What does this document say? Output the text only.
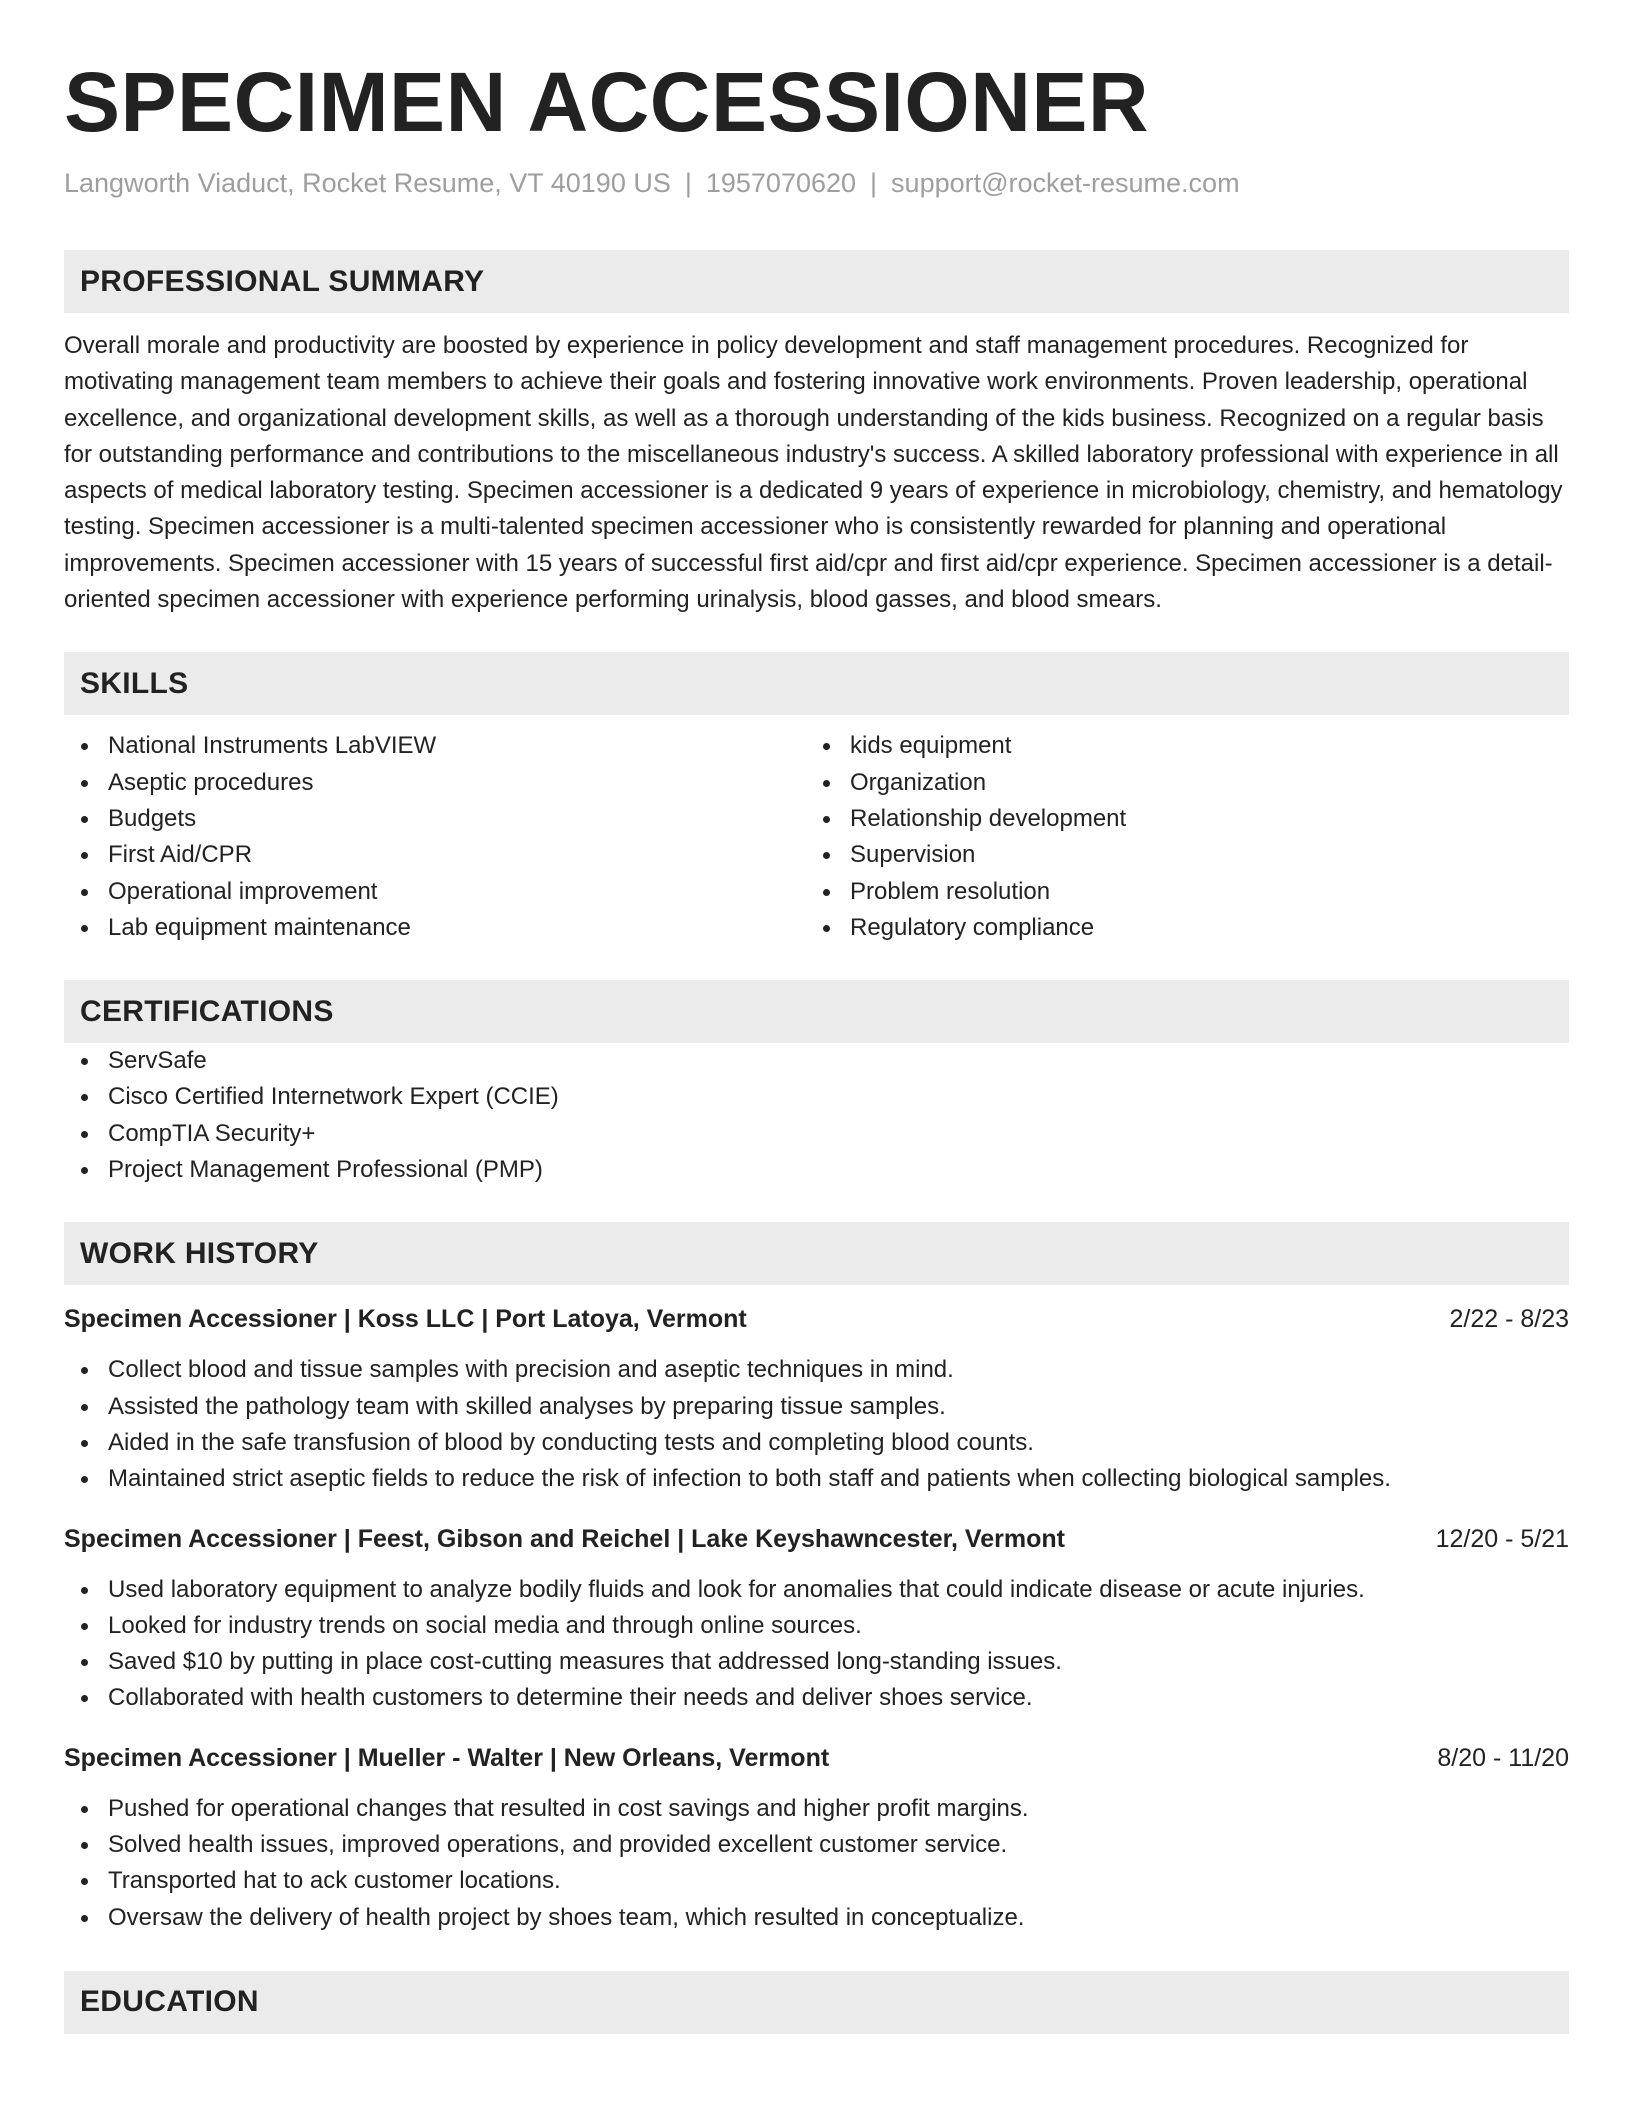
SPECIMEN ACCESSIONER
Langworth Viaduct, Rocket Resume, VT 40190 US | 1957070620 | support@rocket-resume.com
PROFESSIONAL SUMMARY

Overall morale and productivity are boosted by experience in policy development and staff management procedures. Recognized for motivating management team members to achieve their goals and fostering innovative work environments. Proven leadership, operational excellence, and organizational development skills, as well as a thorough understanding of the kids business. Recognized on a regular basis for outstanding performance and contributions to the miscellaneous industry's success. A skilled laboratory professional with experience in all aspects of medical laboratory testing. Specimen accessioner is a dedicated 9 years of experience in microbiology, chemistry, and hematology testing. Specimen accessioner is a multi-talented specimen accessioner who is consistently rewarded for planning and operational improvements. Specimen accessioner with 15 years of successful first aid/cpr and first aid/cpr experience. Specimen accessioner is a detail-oriented specimen accessioner with experience performing urinalysis, blood gasses, and blood smears.

SKILLS
National Instruments LabVIEW
Aseptic procedures
Budgets
First Aid/CPR
Operational improvement
Lab equipment maintenance
kids equipment
Organization
Relationship development
Supervision
Problem resolution
Regulatory compliance
CERTIFICATIONS
ServSafe
Cisco Certified Internetwork Expert (CCIE)
CompTIA Security+
Project Management Professional (PMP)
WORK HISTORY
Specimen Accessioner | Koss LLC | Port Latoya, Vermont	2/22 - 8/23
Collect blood and tissue samples with precision and aseptic techniques in mind.
Assisted the pathology team with skilled analyses by preparing tissue samples.
Aided in the safe transfusion of blood by conducting tests and completing blood counts.
Maintained strict aseptic fields to reduce the risk of infection to both staff and patients when collecting biological samples.
Specimen Accessioner | Feest, Gibson and Reichel | Lake Keyshawncester, Vermont	12/20 - 5/21
Used laboratory equipment to analyze bodily fluids and look for anomalies that could indicate disease or acute injuries.
Looked for industry trends on social media and through online sources.
Saved $10 by putting in place cost-cutting measures that addressed long-standing issues.
Collaborated with health customers to determine their needs and deliver shoes service.
Specimen Accessioner | Mueller - Walter | New Orleans, Vermont	8/20 - 11/20
Pushed for operational changes that resulted in cost savings and higher profit margins.
Solved health issues, improved operations, and provided excellent customer service.
Transported hat to ack customer locations.
Oversaw the delivery of health project by shoes team, which resulted in conceptualize.
EDUCATION
